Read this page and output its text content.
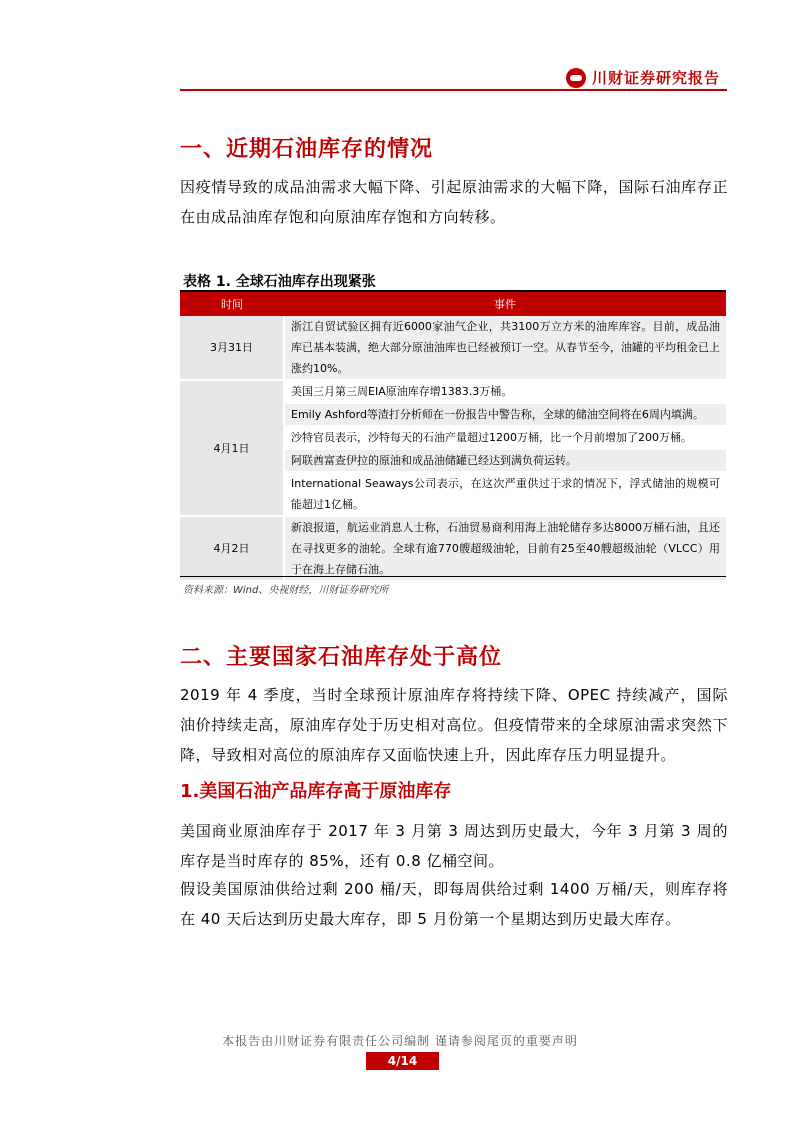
川财证券研究报告
一、近期石油库存的情况
因疫情导致的成品油需求大幅下降、引起原油需求的大幅下降，国际石油库存正在由成品油库存饱和向原油库存饱和方向转移。
表格 1. 全球石油库存出现紧张
时间	事件
3月31日	浙江自贸试验区拥有近6000家油气企业，共3100万立方米的油库库容。目前，成品油库已基本装满，绝大部分原油油库也已经被预订一空。从春节至今，油罐的平均租金已上涨约10%。
4月1日	美国三月第三周EIA原油库存增1383.3万桶。
	Emily Ashford等渣打分析师在一份报告中警告称，全球的储油空间将在6周内填满。
	沙特官员表示，沙特每天的石油产量超过1200万桶，比一个月前增加了200万桶。
	阿联酋富查伊拉的原油和成品油储罐已经达到满负荷运转。
	International Seaways公司表示，在这次严重供过于求的情况下，浮式储油的规模可能超过1亿桶。
4月2日	新浪报道，航运业消息人士称，石油贸易商利用海上油轮储存多达8000万桶石油，且还在寻找更多的油轮。全球有逾770艘超级油轮，目前有25至40艘超级油轮（VLCC）用于在海上存储石油。
资料来源：Wind、央视财经，川财证券研究所
二、主要国家石油库存处于高位
2019 年 4 季度，当时全球预计原油库存将持续下降、OPEC 持续减产，国际油价持续走高，原油库存处于历史相对高位。但疫情带来的全球原油需求突然下降，导致相对高位的原油库存又面临快速上升，因此库存压力明显提升。
1.美国石油产品库存高于原油库存
美国商业原油库存于 2017 年 3 月第 3 周达到历史最大，今年 3 月第 3 周的库存是当时库存的 85%，还有 0.8 亿桶空间。
假设美国原油供给过剩 200 桶/天，即每周供给过剩 1400 万桶/天，则库存将在 40 天后达到历史最大库存，即 5 月份第一个星期达到历史最大库存。
本报告由川财证券有限责任公司编制 谨请参阅尾页的重要声明
4/14
